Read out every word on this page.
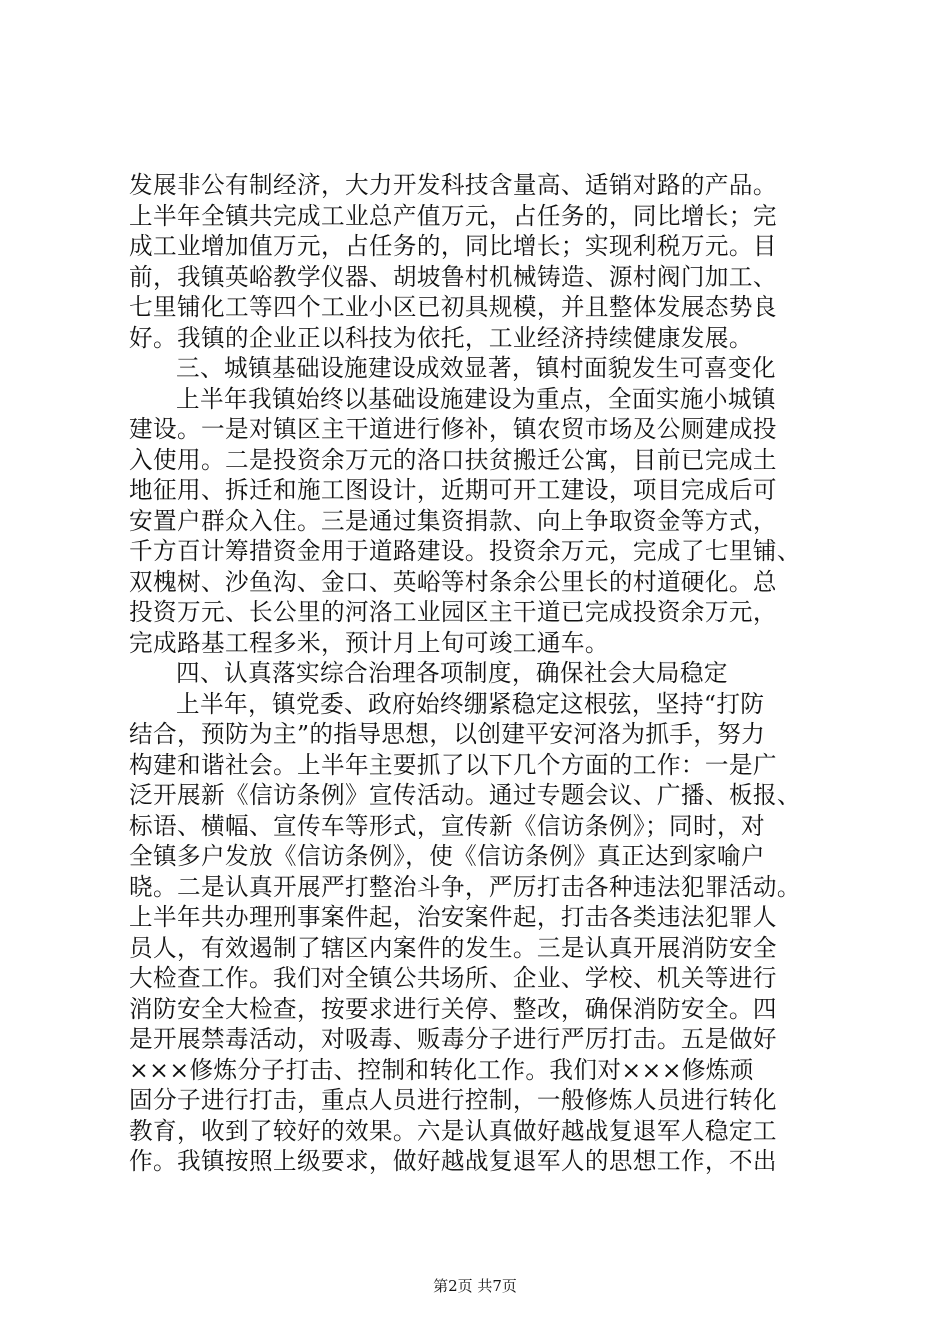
发展非公有制经济，大力开发科技含量高、适销对路的产品。
上半年全镇共完成工业总产值万元，占任务的，同比增长；完
成工业增加值万元，占任务的，同比增长；实现利税万元。目
前，我镇英峪教学仪器、胡坡鲁村机械铸造、源村阀门加工、
七里铺化工等四个工业小区已初具规模，并且整体发展态势良
好。我镇的企业正以科技为依托，工业经济持续健康发展。
三、城镇基础设施建设成效显著，镇村面貌发生可喜变化
上半年我镇始终以基础设施建设为重点，全面实施小城镇
建设。一是对镇区主干道进行修补，镇农贸市场及公厕建成投
入使用。二是投资余万元的洛口扶贫搬迁公寓，目前已完成土
地征用、拆迁和施工图设计，近期可开工建设，项目完成后可
安置户群众入住。三是通过集资捐款、向上争取资金等方式，
千方百计筹措资金用于道路建设。投资余万元，完成了七里铺、
双槐树、沙鱼沟、金口、英峪等村条余公里长的村道硬化。总
投资万元、长公里的河洛工业园区主干道已完成投资余万元，
完成路基工程多米，预计月上旬可竣工通车。
四、认真落实综合治理各项制度，确保社会大局稳定
上半年，镇党委、政府始终绷紧稳定这根弦，坚持“打防
结合，预防为主”的指导思想，以创建平安河洛为抓手，努力
构建和谐社会。上半年主要抓了以下几个方面的工作：一是广
泛开展新《信访条例》宣传活动。通过专题会议、广播、板报、
标语、横幅、宣传车等形式，宣传新《信访条例》；同时，对
全镇多户发放《信访条例》，使《信访条例》真正达到家喻户
晓。二是认真开展严打整治斗争，严厉打击各种违法犯罪活动。
上半年共办理刑事案件起，治安案件起，打击各类违法犯罪人
员人，有效遏制了辖区内案件的发生。三是认真开展消防安全
大检查工作。我们对全镇公共场所、企业、学校、机关等进行
消防安全大检查，按要求进行关停、整改，确保消防安全。四
是开展禁毒活动，对吸毒、贩毒分子进行严厉打击。五是做好
×××修炼分子打击、控制和转化工作。我们对×××修炼顽
固分子进行打击，重点人员进行控制，一般修炼人员进行转化
教育，收到了较好的效果。六是认真做好越战复退军人稳定工
作。我镇按照上级要求，做好越战复退军人的思想工作，不出
第2页 共7页
